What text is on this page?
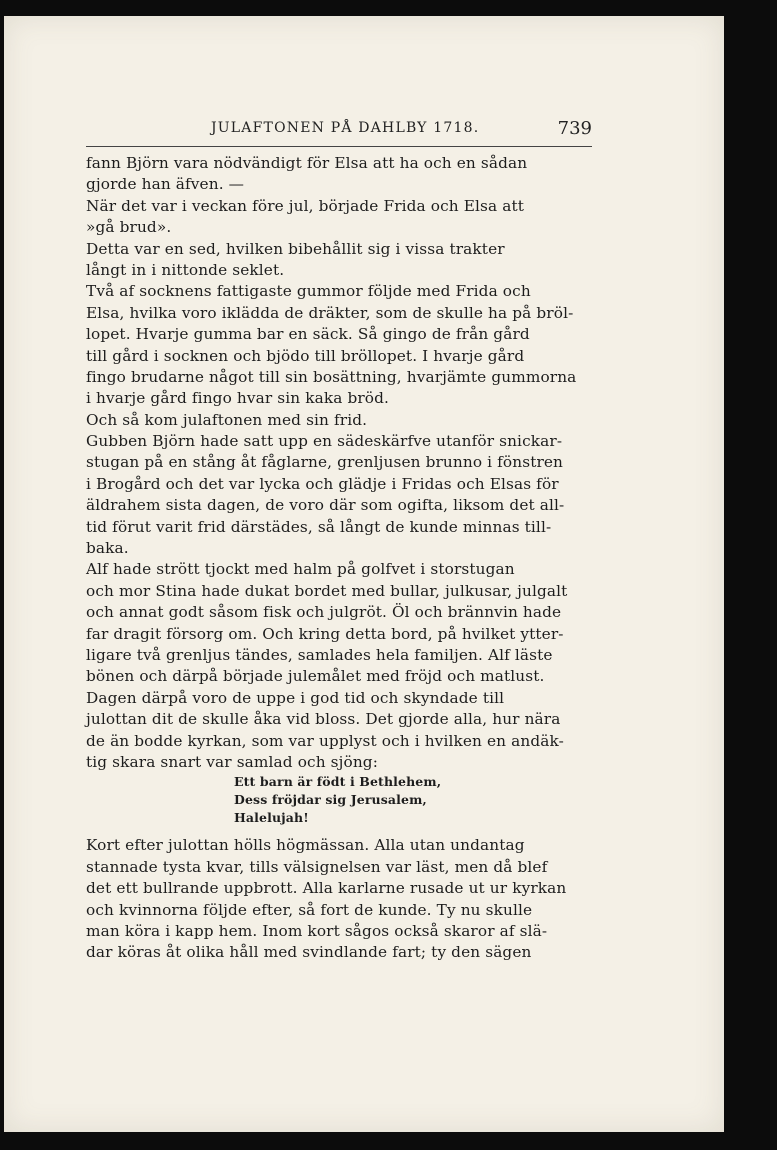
JULAFTONEN PÅ DAHLBY 1718.	739
fann Björn vara nödvändigt för Elsa att ha och en sådan
gjorde han äfven. —
När det var i veckan före jul, började Frida och Elsa att
»gå brud».
Detta var en sed, hvilken bibehållit sig i vissa trakter
långt in i nittonde seklet.
Två af socknens fattigaste gummor följde med Frida och
Elsa, hvilka voro iklädda de dräkter, som de skulle ha på bröl-
lopet. Hvarje gumma bar en säck. Så gingo de från gård
till gård i socknen och bjödo till bröllopet. I hvarje gård
fingo brudarne något till sin bosättning, hvarjämte gummorna
i hvarje gård fingo hvar sin kaka bröd.
Och så kom julaftonen med sin frid.
Gubben Björn hade satt upp en sädeskärfve utanför snickar-
stugan på en stång åt fåglarne, grenljusen brunno i fönstren
i Brogård och det var lycka och glädje i Fridas och Elsas för
äldrahem sista dagen, de voro där som ogifta, liksom det all-
tid förut varit frid därstädes, så långt de kunde minnas till-
baka.
Alf hade strött tjockt med halm på golfvet i storstugan
och mor Stina hade dukat bordet med bullar, julkusar, julgalt
och annat godt såsom fisk och julgröt. Öl och brännvin hade
far dragit försorg om. Och kring detta bord, på hvilket ytter-
ligare två grenljus tändes, samlades hela familjen. Alf läste
bönen och därpå började julemålet med fröjd och matlust.
Dagen därpå voro de uppe i god tid och skyndade till
julottan dit de skulle åka vid bloss. Det gjorde alla, hur nära
de än bodde kyrkan, som var upplyst och i hvilken en andäk-
tig skara snart var samlad och sjöng:
Ett barn är födt i Bethlehem,
Dess fröjdar sig Jerusalem,
Halelujah!
Kort efter julottan hölls högmässan. Alla utan undantag
stannade tysta kvar, tills välsignelsen var läst, men då blef
det ett bullrande uppbrott. Alla karlarne rusade ut ur kyrkan
och kvinnorna följde efter, så fort de kunde. Ty nu skulle
man köra i kapp hem. Inom kort sågos också skaror af slä-
dar köras åt olika håll med svindlande fart; ty den sägen
